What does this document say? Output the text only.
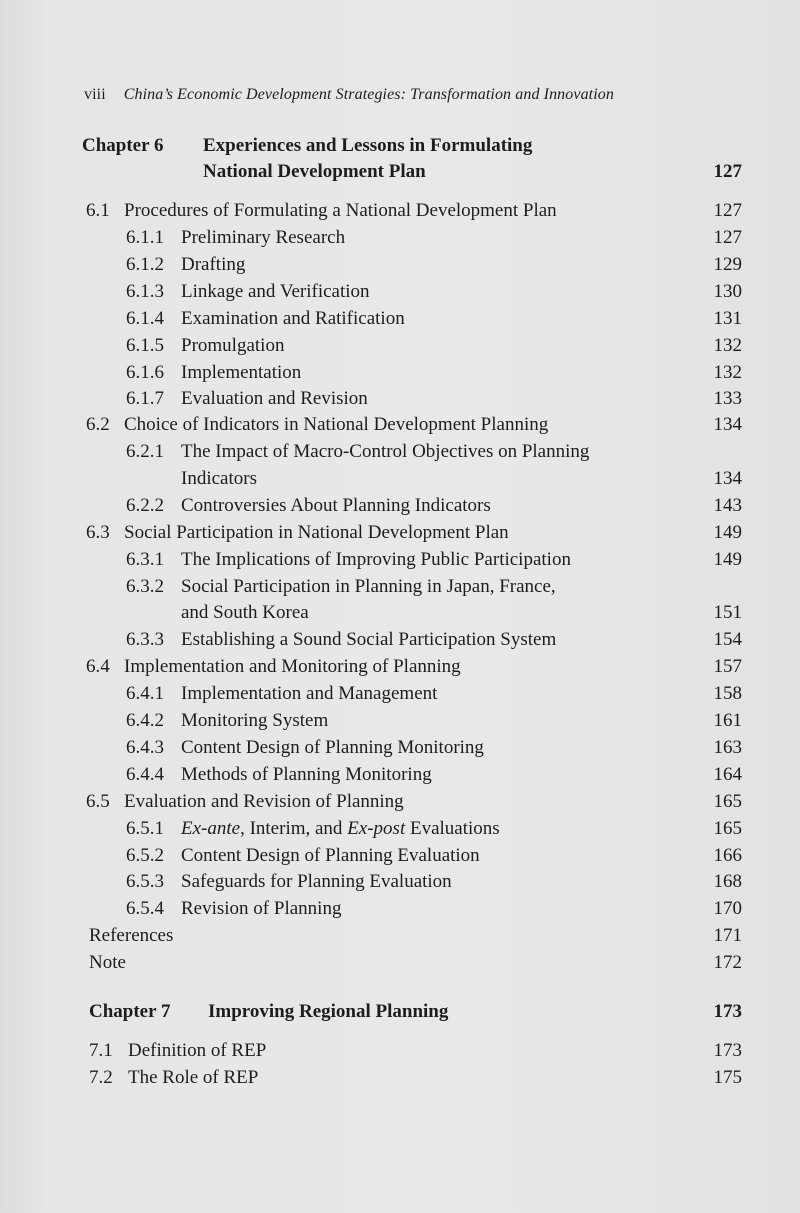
viii China’s Economic Development Strategies: Transformation and Innovation
Chapter 6 Experiences and Lessons in Formulating
National Development Plan	127
6.1 Procedures of Formulating a National Development Plan	127
6.1.1 Preliminary Research	127
6.1.2 Drafting	129
6.1.3 Linkage and Verification	130
6.1.4 Examination and Ratification	131
6.1.5 Promulgation	132
6.1.6 Implementation	132
6.1.7 Evaluation and Revision	133
6.2 Choice of Indicators in National Development Planning	134
6.2.1 The Impact of Macro-Control Objectives on Planning
Indicators	134
6.2.2 Controversies About Planning Indicators	143
6.3 Social Participation in National Development Plan	149
6.3.1 The Implications of Improving Public Participation	149
6.3.2 Social Participation in Planning in Japan, France,
and South Korea	151
6.3.3 Establishing a Sound Social Participation System	154
6.4 Implementation and Monitoring of Planning	157
6.4.1 Implementation and Management	158
6.4.2 Monitoring System	161
6.4.3 Content Design of Planning Monitoring	163
6.4.4 Methods of Planning Monitoring	164
6.5 Evaluation and Revision of Planning	165
6.5.1 Ex-ante, Interim, and Ex-post Evaluations	165
6.5.2 Content Design of Planning Evaluation	166
6.5.3 Safeguards for Planning Evaluation	168
6.5.4 Revision of Planning	170
References	171
Note	172
Chapter 7 Improving Regional Planning	173
7.1 Definition of REP	173
7.2 The Role of REP	175
